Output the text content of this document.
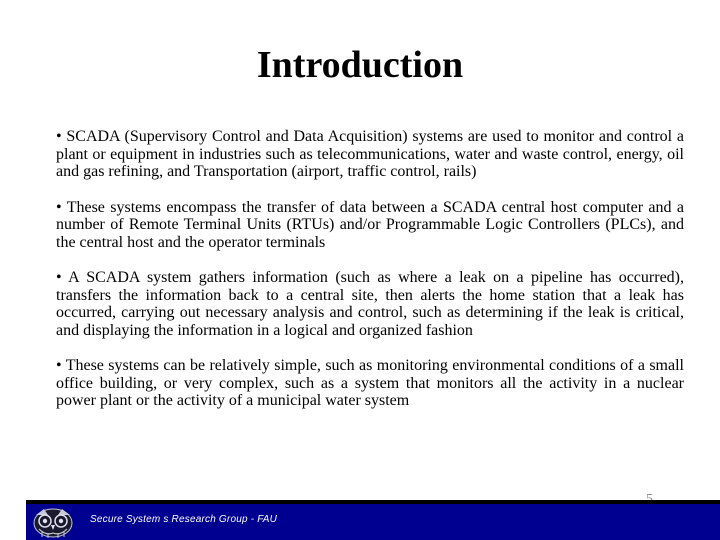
Introduction
• SCADA (Supervisory Control and Data Acquisition) systems are used to monitor and control a plant or equipment in industries such as telecommunications, water and waste control, energy, oil and gas refining, and Transportation (airport, traffic control, rails)
• These systems encompass the transfer of data between a SCADA central host computer and a number of Remote Terminal Units (RTUs) and/or Programmable Logic Controllers (PLCs), and the central host and the operator terminals
• A SCADA system gathers information (such as where a leak on a pipeline has occurred), transfers the information back to a central site, then alerts the home station that a leak has occurred, carrying out necessary analysis and control, such as determining if the leak is critical, and displaying the information in a logical and organized fashion
• These systems can be relatively simple, such as monitoring environmental conditions of a small office building, or very complex, such as a system that monitors all the activity in a nuclear power plant or the activity of a municipal water system
Secure System s Research Group - FAU
